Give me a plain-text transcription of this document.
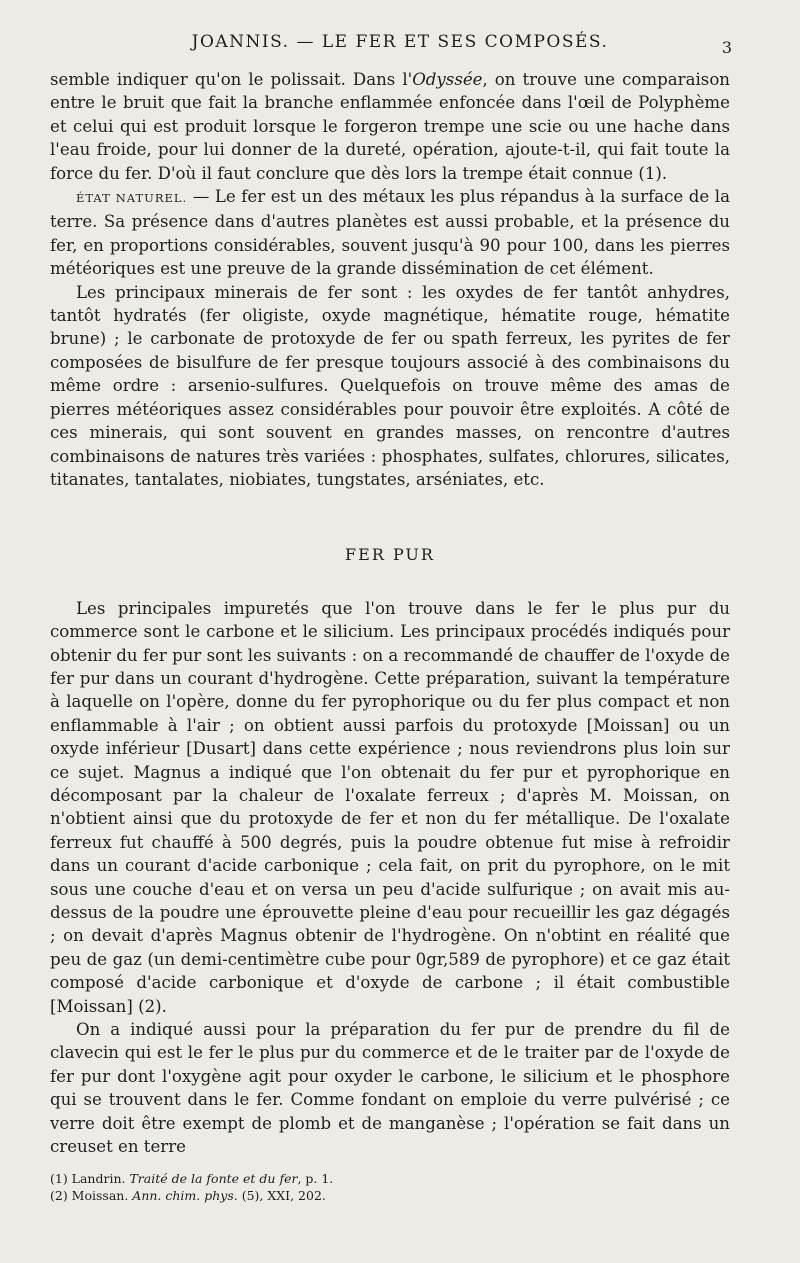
JOANNIS. — LE FER ET SES COMPOSÉS.	3

semble indiquer qu'on le polissait. Dans l'Odyssée, on trouve une comparaison entre le bruit que fait la branche enflammée enfoncée dans l'œil de Polyphème et celui qui est produit lorsque le forgeron trempe une scie ou une hache dans l'eau froide, pour lui donner de la dureté, opération, ajoute-t-il, qui fait toute la force du fer. D'où il faut conclure que dès lors la trempe était connue (1).

ÉTAT NATUREL. — Le fer est un des métaux les plus répandus à la surface de la terre. Sa présence dans d'autres planètes est aussi probable, et la présence du fer, en proportions considérables, souvent jusqu'à 90 pour 100, dans les pierres météoriques est une preuve de la grande dissémination de cet élément.

Les principaux minerais de fer sont : les oxydes de fer tantôt anhydres, tantôt hydratés (fer oligiste, oxyde magnétique, hématite rouge, hématite brune) ; le carbonate de protoxyde de fer ou spath ferreux, les pyrites de fer composées de bisulfure de fer presque toujours associé à des combinaisons du même ordre : arsenio-sulfures. Quelquefois on trouve même des amas de pierres météoriques assez considérables pour pouvoir être exploités. A côté de ces minerais, qui sont souvent en grandes masses, on rencontre d'autres combinaisons de natures très variées : phosphates, sulfates, chlorures, silicates, titanates, tantalates, niobiates, tungstates, arséniates, etc.

FER PUR

Les principales impuretés que l'on trouve dans le fer le plus pur du commerce sont le carbone et le silicium. Les principaux procédés indiqués pour obtenir du fer pur sont les suivants : on a recommandé de chauffer de l'oxyde de fer pur dans un courant d'hydrogène. Cette préparation, suivant la température à laquelle on l'opère, donne du fer pyrophorique ou du fer plus compact et non enflammable à l'air ; on obtient aussi parfois du protoxyde [Moissan] ou un oxyde inférieur [Dusart] dans cette expérience ; nous reviendrons plus loin sur ce sujet. Magnus a indiqué que l'on obtenait du fer pur et pyrophorique en décomposant par la chaleur de l'oxalate ferreux ; d'après M. Moissan, on n'obtient ainsi que du protoxyde de fer et non du fer métallique. De l'oxalate ferreux fut chauffé à 500 degrés, puis la poudre obtenue fut mise à refroidir dans un courant d'acide carbonique ; cela fait, on prit du pyrophore, on le mit sous une couche d'eau et on versa un peu d'acide sulfurique ; on avait mis au-dessus de la poudre une éprouvette pleine d'eau pour recueillir les gaz dégagés ; on devait d'après Magnus obtenir de l'hydrogène. On n'obtint en réalité que peu de gaz (un demi-centimètre cube pour 0gr,589 de pyrophore) et ce gaz était composé d'acide carbonique et d'oxyde de carbone ; il était combustible [Moissan] (2).

On a indiqué aussi pour la préparation du fer pur de prendre du fil de clavecin qui est le fer le plus pur du commerce et de le traiter par de l'oxyde de fer pur dont l'oxygène agit pour oxyder le carbone, le silicium et le phosphore qui se trouvent dans le fer. Comme fondant on emploie du verre pulvérisé ; ce verre doit être exempt de plomb et de manganèse ; l'opération se fait dans un creuset en terre

(1) Landrin. Traité de la fonte et du fer, p. 1.
(2) Moissan. Ann. chim. phys. (5), XXI, 202.
